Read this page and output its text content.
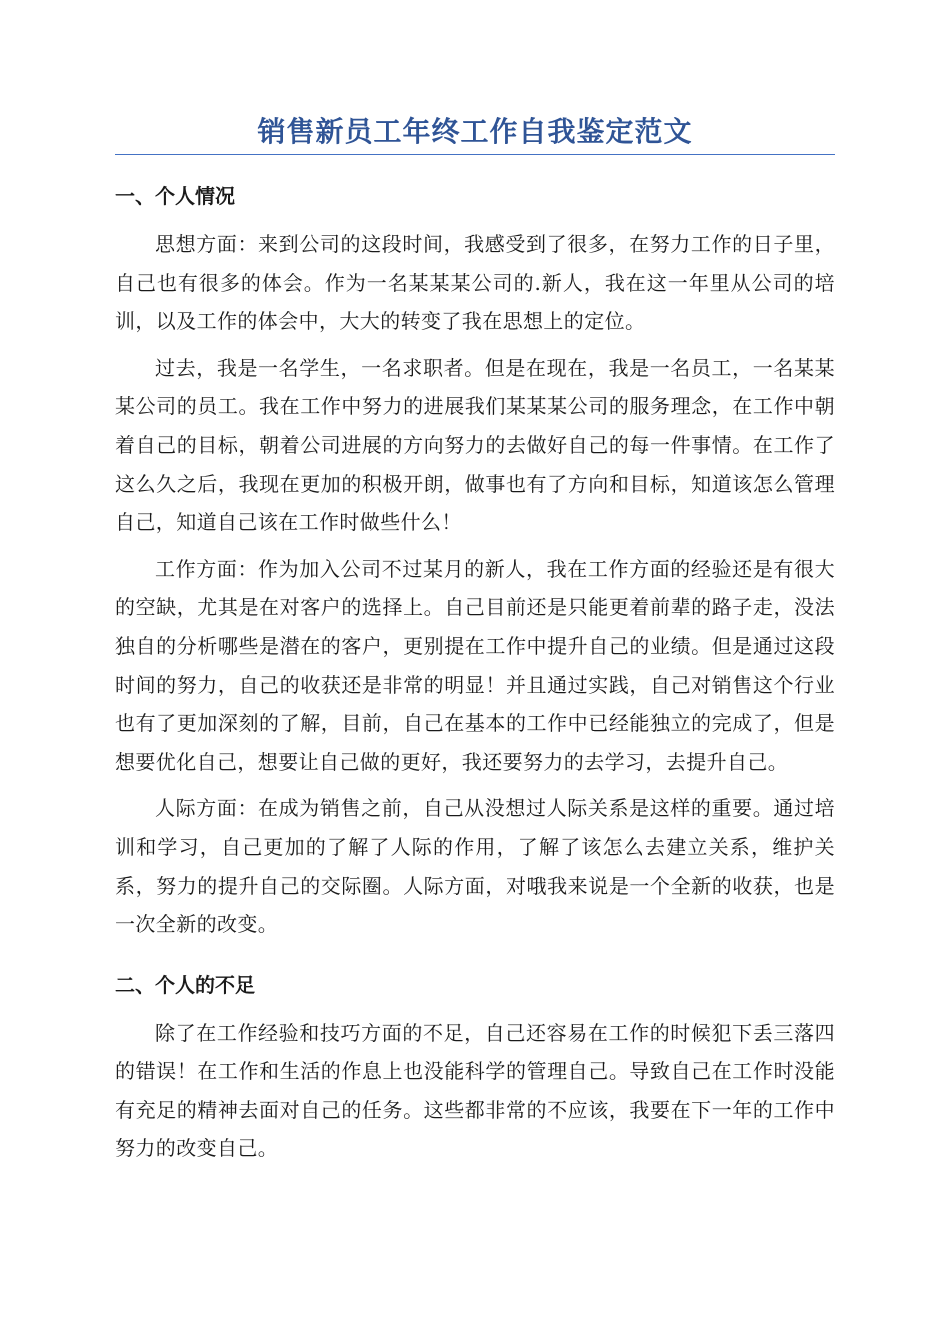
销售新员工年终工作自我鉴定范文
一、个人情况

思想方面：来到公司的这段时间，我感受到了很多，在努力工作的日子里，自己也有很多的体会。作为一名某某某公司的.新人，我在这一年里从公司的培训，以及工作的体会中，大大的转变了我在思想上的定位。

过去，我是一名学生，一名求职者。但是在现在，我是一名员工，一名某某某公司的员工。我在工作中努力的进展我们某某某公司的服务理念，在工作中朝着自己的目标，朝着公司进展的方向努力的去做好自己的每一件事情。在工作了这么久之后，我现在更加的积极开朗，做事也有了方向和目标，知道该怎么管理自己，知道自己该在工作时做些什么！

工作方面：作为加入公司不过某月的新人，我在工作方面的经验还是有很大的空缺，尤其是在对客户的选择上。自己目前还是只能更着前辈的路子走，没法独自的分析哪些是潜在的客户，更别提在工作中提升自己的业绩。但是通过这段时间的努力，自己的收获还是非常的明显！并且通过实践，自己对销售这个行业也有了更加深刻的了解，目前，自己在基本的工作中已经能独立的完成了，但是想要优化自己，想要让自己做的更好，我还要努力的去学习，去提升自己。

人际方面：在成为销售之前，自己从没想过人际关系是这样的重要。通过培训和学习，自己更加的了解了人际的作用，了解了该怎么去建立关系，维护关系，努力的提升自己的交际圈。人际方面，对哦我来说是一个全新的收获，也是一次全新的改变。

二、个人的不足

除了在工作经验和技巧方面的不足，自己还容易在工作的时候犯下丢三落四的错误！在工作和生活的作息上也没能科学的管理自己。导致自己在工作时没能有充足的精神去面对自己的任务。这些都非常的不应该，我要在下一年的工作中努力的改变自己。
